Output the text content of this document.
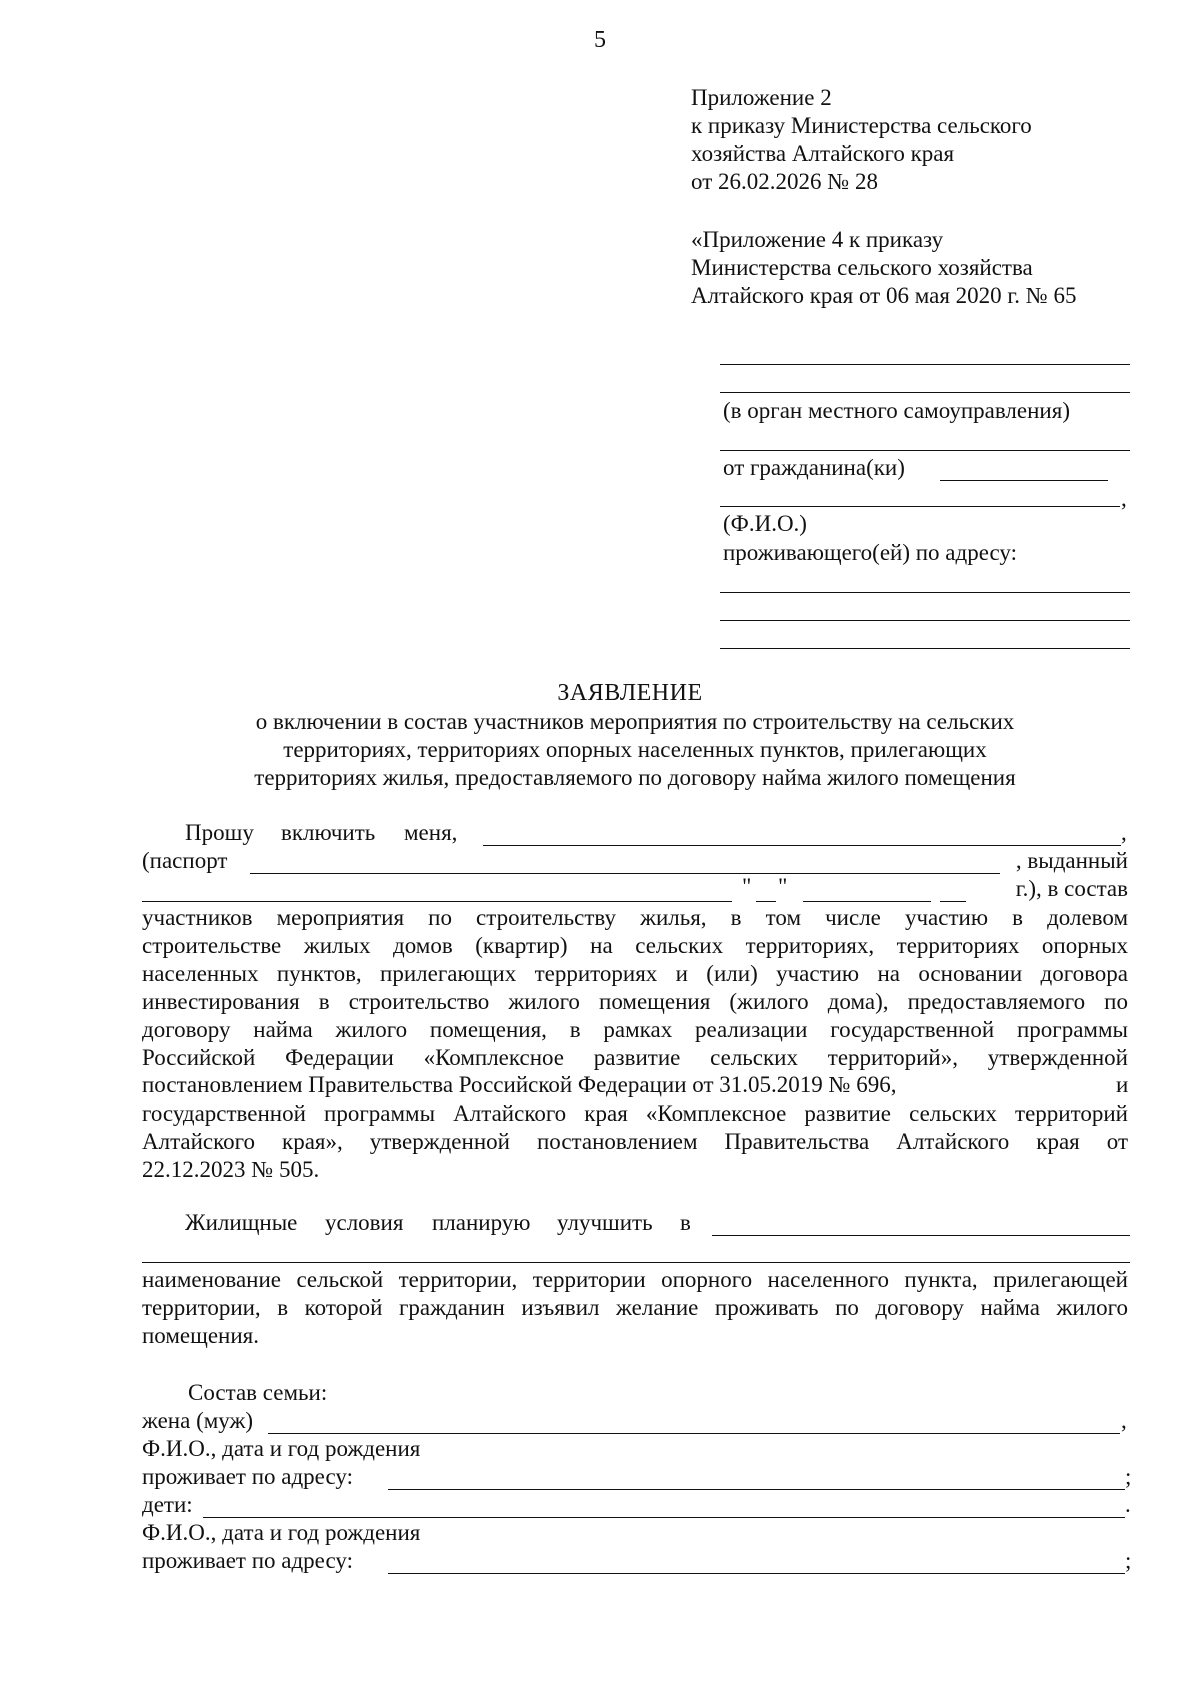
5
Приложение 2
к приказу Министерства сельского
хозяйства Алтайского края
от 26.02.2026 № 28
«Приложение 4 к приказу
Министерства сельского хозяйства
Алтайского края от 06 мая 2020 г. № 65
(в орган местного самоуправления)
от гражданина(ки)
,
(Ф.И.О.)
проживающего(ей) по адресу:
ЗАЯВЛЕНИЕ
о включении в состав участников мероприятия по строительству на сельских
территориях, территориях опорных населенных пунктов, прилегающих
территориях жилья, предоставляемого по договору найма жилого помещения
Прошу включить меня,	,
(паспорт	, выданный
" "	г.), в состав
участников мероприятия по строительству жилья, в том числе участию в долевом
строительстве жилых домов (квартир) на сельских территориях, территориях опорных
населенных пунктов, прилегающих территориях и (или) участию на основании договора
инвестирования в строительство жилого помещения (жилого дома), предоставляемого по
договору найма жилого помещения, в рамках реализации государственной программы
Российской Федерации «Комплексное развитие сельских территорий», утвержденной
постановлением Правительства Российской Федерации от 31.05.2019 № 696,	и
государственной программы Алтайского края «Комплексное развитие сельских территорий
Алтайского края», утвержденной постановлением Правительства Алтайского края от
22.12.2023 № 505.
Жилищные условия планирую улучшить в
наименование сельской территории, территории опорного населенного пункта, прилегающей
территории, в которой гражданин изъявил желание проживать по договору найма жилого
помещения.
Состав семьи:
жена (муж)	,
Ф.И.О., дата и год рождения
проживает по адресу:	;
дети:	.
Ф.И.О., дата и год рождения
проживает по адресу:	;
